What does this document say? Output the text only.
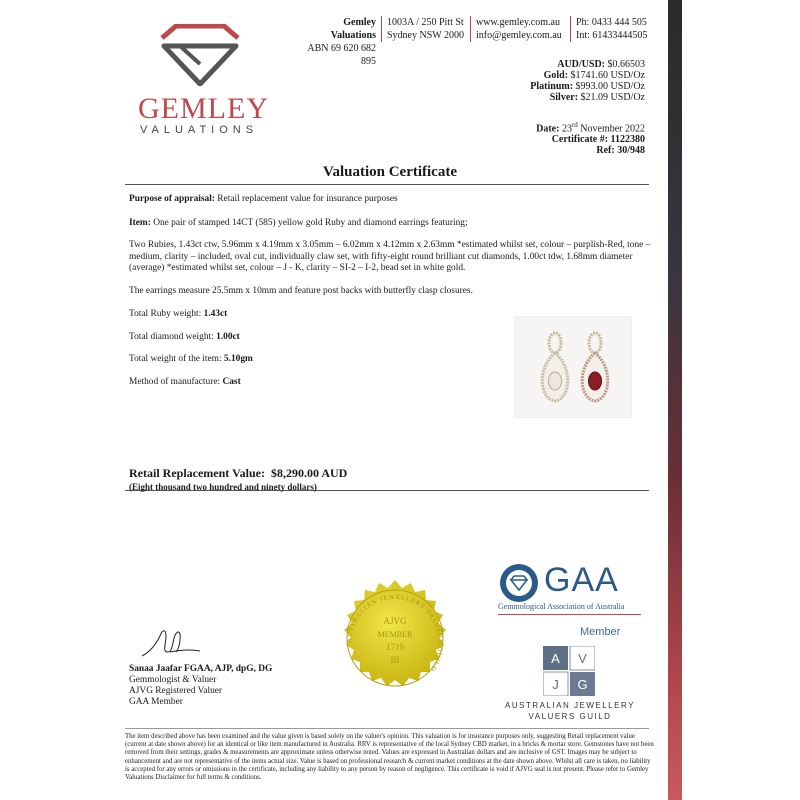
GEMLEY
VALUATIONS
Gemley Valuations
ABN 69 620 682 895
1003A / 250 Pitt St
Sydney NSW 2000
www.gemley.com.au
info@gemley.com.au
Ph: 0433 444 505
Int: 61433444505
AUD/USD: $0.66503
Gold: $1741.60 USD/Oz
Platinum: $993.00 USD/Oz
Silver: $21.09 USD/Oz
Date: 23rd November 2022
Certificate #: 1122380
Ref: 30/948
Valuation Certificate
Purpose of appraisal: Retail replacement value for insurance purposes
Item: One pair of stamped 14CT (585) yellow gold Ruby and diamond earrings featuring;
Two Rubies, 1.43ct ctw, 5.96mm x 4.19mm x 3.05mm – 6.02mm x 4.12mm x 2.63mm *estimated whilst set, colour – purplish-Red, tone – medium, clarity – included, oval cut, individually claw set, with fifty-eight round brilliant cut diamonds, 1.00ct tdw, 1.68mm diameter (average) *estimated whilst set, colour – J - K, clarity – SI-2 – I-2, bead set in white gold.
The earrings measure 25.5mm x 10mm and feature post backs with butterfly clasp closures.
Total Ruby weight: 1.43ct
Total diamond weight: 1.00ct
Total weight of the item: 5.10gm
Method of manufacture: Cast
Retail Replacement Value: $8,290.00 AUD
(Eight thousand two hundred and ninety dollars)
AUSTRALIAN JEWELLERY VALUERS GUILD
AJVG
MEMBER
1719
III
Sanaa Jaafar FGAA, AJP, dpG, DG
Gemmologist & Valuer
AJVG Registered Valuer
GAA Member
GAA
Gemmological Association of Australia
Member
A V
J G
AUSTRALIAN JEWELLERY
VALUERS GUILD
The item described above has been examined and the value given is based solely on the valuer's opinion. This valuation is for insurance purposes only, suggesting Retail replacement value (current at date shown above) for an identical or like item manufactured in Australia. RRV is representative of the local Sydney CBD market, in a bricks & mortar store. Gemstones have not been removed from their settings, grades & measurements are approximate unless otherwise noted. Values are expressed in Australian dollars and are inclusive of GST. Images may be subject to enhancement and are not representative of the items actual size. Value is based on professional research & current market conditions at the date shown above. Whilst all care is taken, no liability is accepted for any errors or omissions in the certificate, including any liability to any person by reason of negligence. This certificate is void if AJVG seal is not present. Please refer to Gemley Valuations Disclaimer for full terms & conditions.
